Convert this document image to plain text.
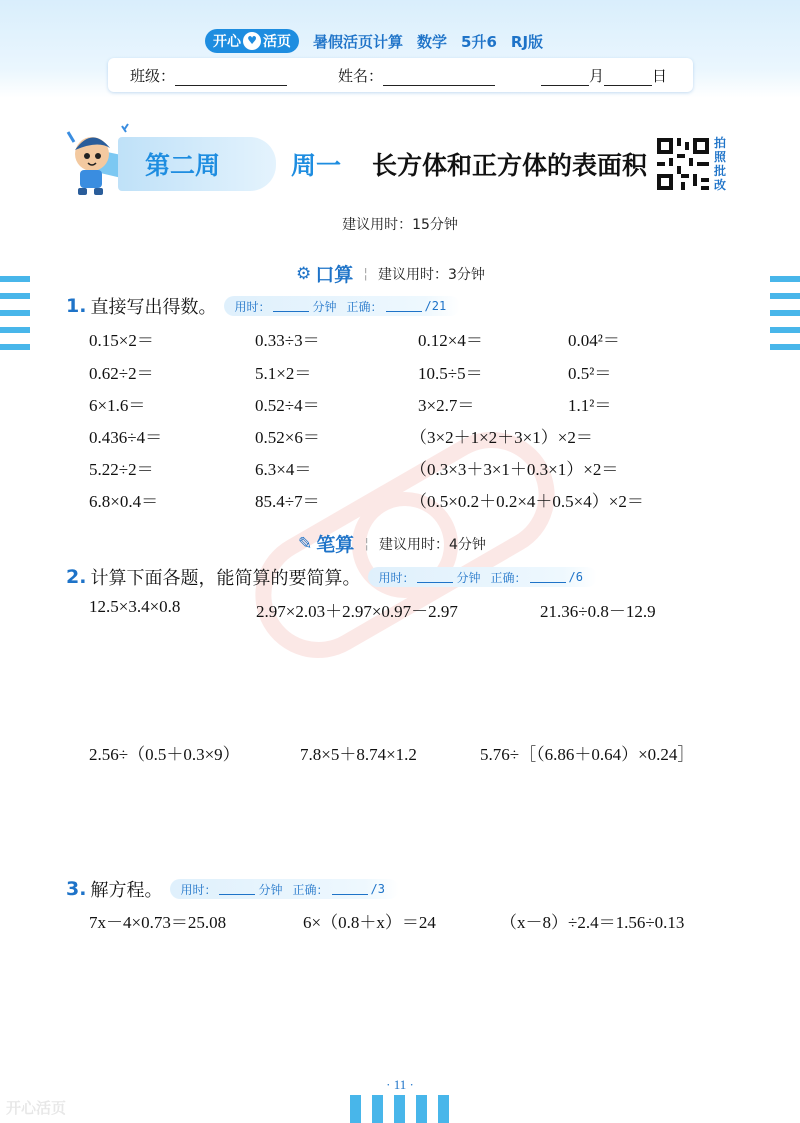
开心 ♥ 活页 暑假活页计算 数学 5升6 RJ版
班级：	姓名：	月	日
第二周	周一 长方体和正方体的表面积
拍照批改
建议用时：15分钟
⚙ 口算 ¦ 建议用时：3分钟
1. 直接写出得数。 用时：	分钟 正确：	/21
0.15×2＝	0.33÷3＝	0.12×4＝	0.04²＝
0.62÷2＝	5.1×2＝	10.5÷5＝	0.5²＝
6×1.6＝	0.52÷4＝	3×2.7＝	1.1²＝
0.436÷4＝	0.52×6＝	（3×2＋1×2＋3×1）×2＝
5.22÷2＝	6.3×4＝	（0.3×3＋3×1＋0.3×1）×2＝
6.8×0.4＝	85.4÷7＝	（0.5×0.2＋0.2×4＋0.5×4）×2＝
✎ 笔算 ¦ 建议用时：4分钟
2. 计算下面各题，能简算的要简算。 用时：	分钟 正确：	/6
12.5×3.4×0.8	2.97×2.03＋2.97×0.97－2.97	21.36÷0.8－12.9
2.56÷（0.5＋0.3×9）	7.8×5＋8.74×1.2	5.76÷［（6.86＋0.64）×0.24］
3. 解方程。 用时：	分钟 正确：	/3
7x－4×0.73＝25.08	6×（0.8＋x）＝24	（x－8）÷2.4＝1.56÷0.13
· 11 ·
开心活页
